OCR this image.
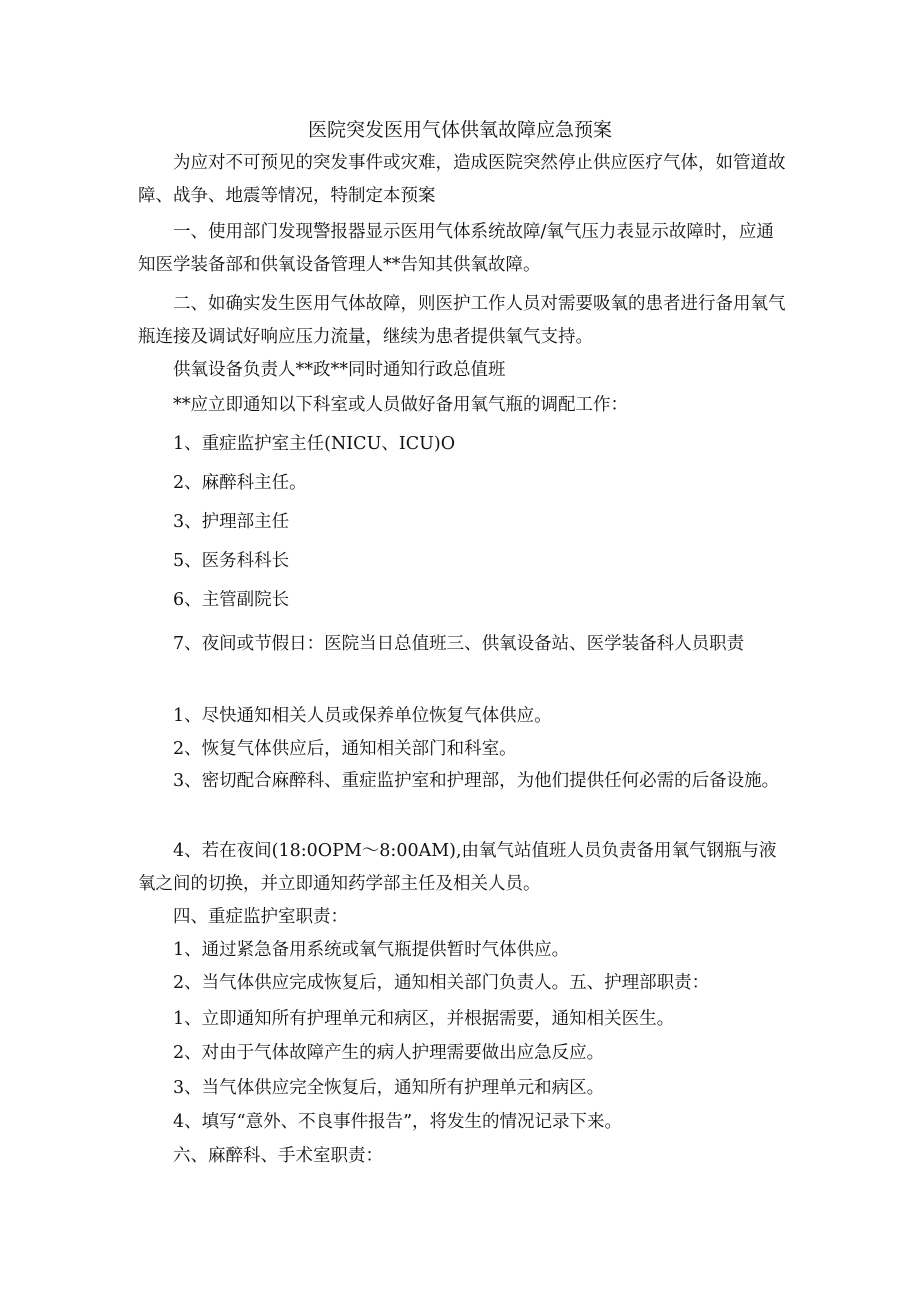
医院突发医用气体供氧故障应急预案

为应对不可预见的突发事件或灾难，造成医院突然停止供应医疗气体，如管道故障、战争、地震等情况，特制定本预案

一、使用部门发现警报器显示医用气体系统故障/氧气压力表显示故障时，应通知医学装备部和供氧设备管理人**告知其供氧故障。

二、如确实发生医用气体故障，则医护工作人员对需要吸氧的患者进行备用氧气瓶连接及调试好响应压力流量，继续为患者提供氧气支持。

供氧设备负责人**政**同时通知行政总值班

**应立即通知以下科室或人员做好备用氧气瓶的调配工作：

1、重症监护室主任(NICU、ICU)O

2、麻醉科主任。

3、护理部主任

5、医务科科长

6、主管副院长

7、夜间或节假日：医院当日总值班三、供氧设备站、医学装备科人员职责

1、尽快通知相关人员或保养单位恢复气体供应。

2、恢复气体供应后，通知相关部门和科室。

3、密切配合麻醉科、重症监护室和护理部，为他们提供任何必需的后备设施。

4、若在夜间(18:0OPM～8:00AM),由氧气站值班人员负责备用氧气钢瓶与液氧之间的切换，并立即通知药学部主任及相关人员。

四、重症监护室职责：

1、通过紧急备用系统或氧气瓶提供暂时气体供应。

2、当气体供应完成恢复后，通知相关部门负责人。五、护理部职责：

1、立即通知所有护理单元和病区，并根据需要，通知相关医生。

2、对由于气体故障产生的病人护理需要做出应急反应。

3、当气体供应完全恢复后，通知所有护理单元和病区。

4、填写“意外、不良事件报告”，将发生的情况记录下来。

六、麻醉科、手术室职责：
